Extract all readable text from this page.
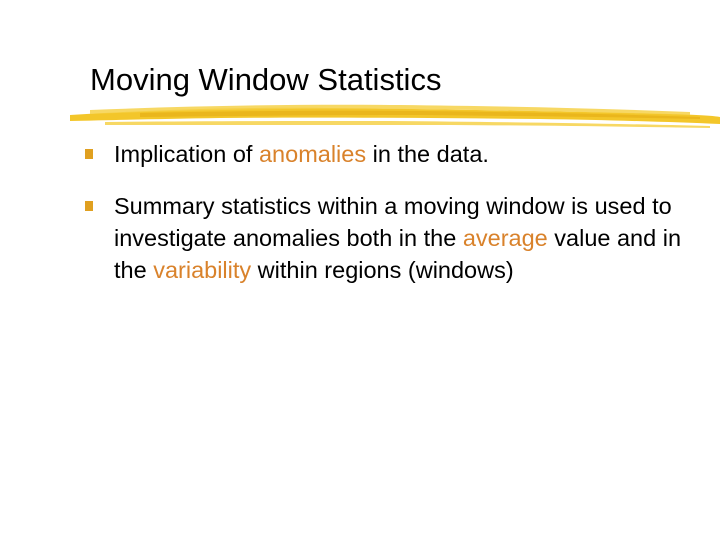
Moving Window Statistics
Implication of anomalies in the data.
Summary statistics within a moving window is used to investigate anomalies both in the average value and in the variability within regions (windows)
